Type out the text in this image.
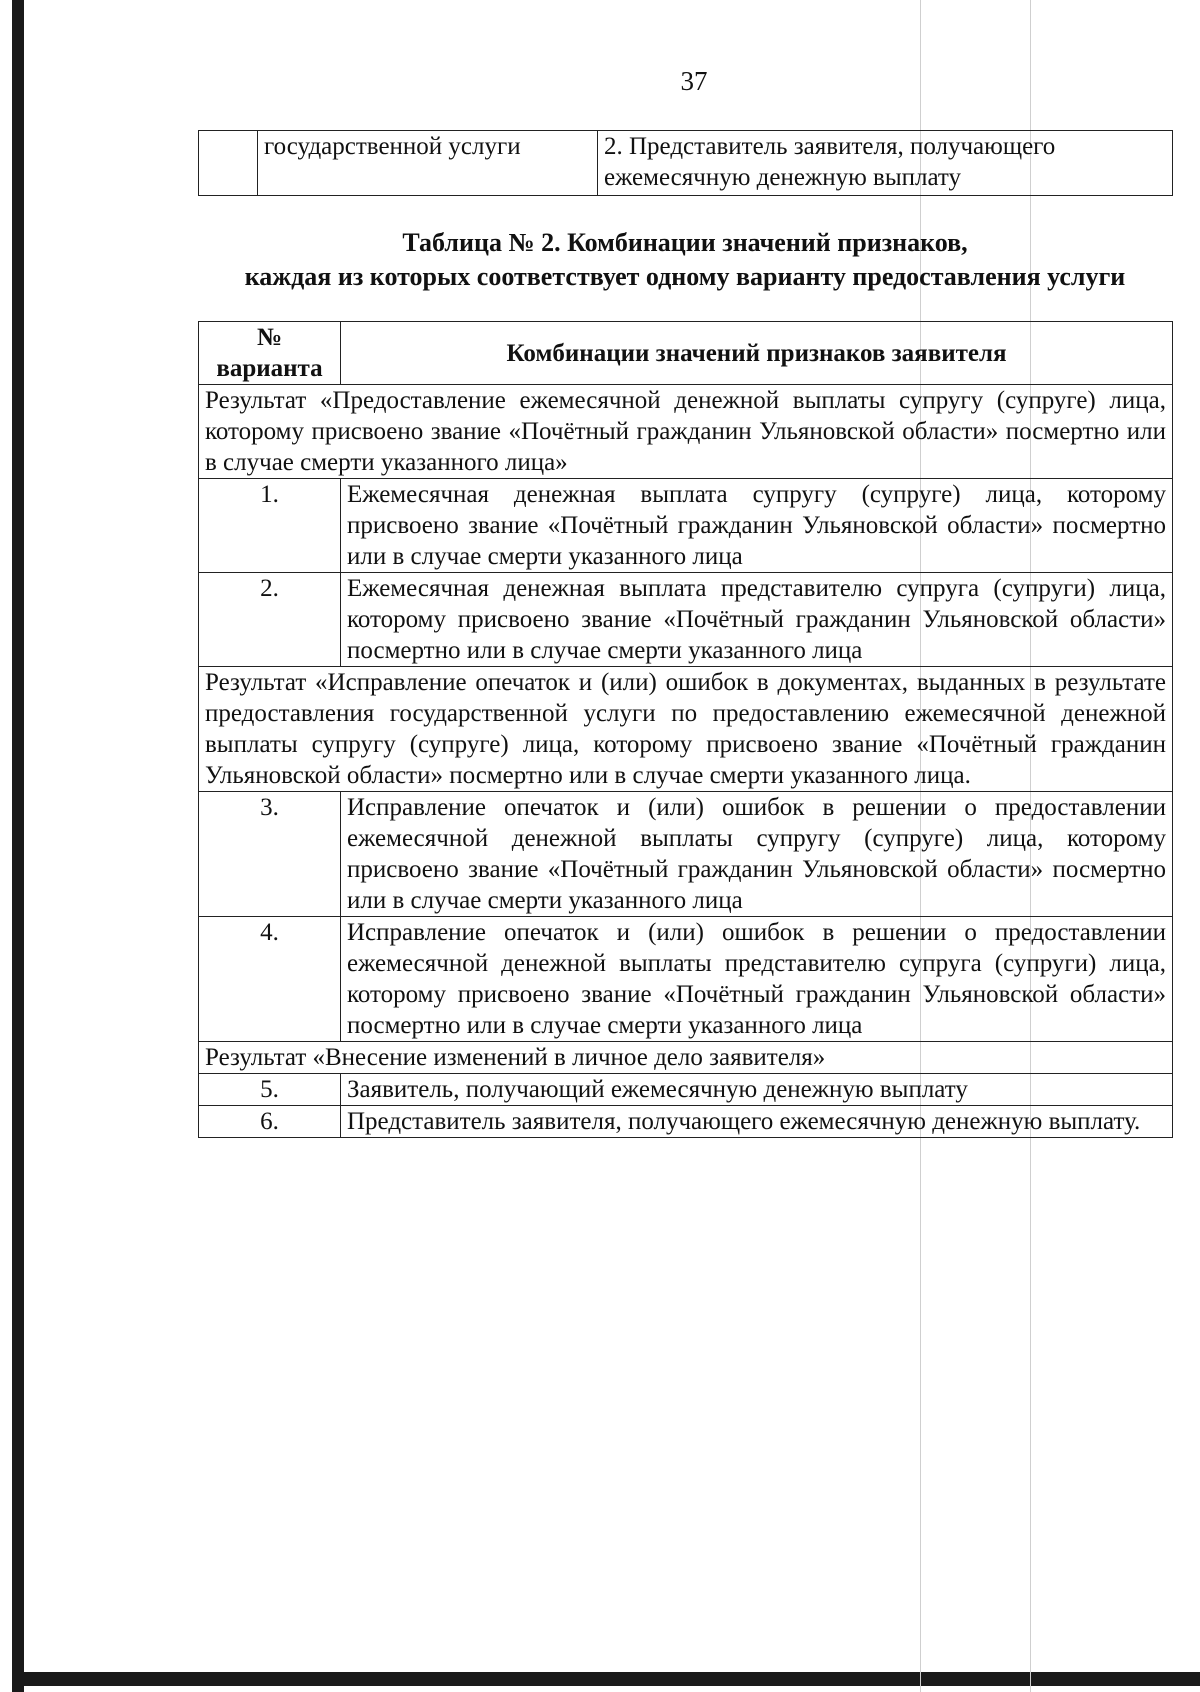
37
	государственной услуги	2. Представитель заявителя, получающего ежемесячную денежную выплату
Таблица № 2. Комбинации значений признаков,
каждая из которых соответствует одному варианту предоставления услуги
№
варианта	Комбинации значений признаков заявителя
Результат «Предоставление ежемесячной денежной выплаты супругу (супруге) лица, которому присвоено звание «Почётный гражданин Ульяновской области» посмертно или в случае смерти указанного лица»	
1.	Ежемесячная денежная выплата супругу (супруге) лица, которому присвоено звание «Почётный гражданин Ульяновской области» посмертно или в случае смерти указанного лица
2.	Ежемесячная денежная выплата представителю супруга (супруги) лица, которому присвоено звание «Почётный гражданин Ульяновской области» посмертно или в случае смерти указанного лица
Результат «Исправление опечаток и (или) ошибок в документах, выданных в результате предоставления государственной услуги по предоставлению ежемесячной денежной выплаты супругу (супруге) лица, которому присвоено звание «Почётный гражданин Ульяновской области» посмертно или в случае смерти указанного лица.	
3.	Исправление опечаток и (или) ошибок в решении о предоставлении ежемесячной денежной выплаты супругу (супруге) лица, которому присвоено звание «Почётный гражданин Ульяновской области» посмертно или в случае смерти указанного лица
4.	Исправление опечаток и (или) ошибок в решении о предоставлении ежемесячной денежной выплаты представителю супруга (супруги) лица, которому присвоено звание «Почётный гражданин Ульяновской области» посмертно или в случае смерти указанного лица
Результат «Внесение изменений в личное дело заявителя»	
5.	Заявитель, получающий ежемесячную денежную выплату
6.	Представитель заявителя, получающего ежемесячную денежную выплату.
